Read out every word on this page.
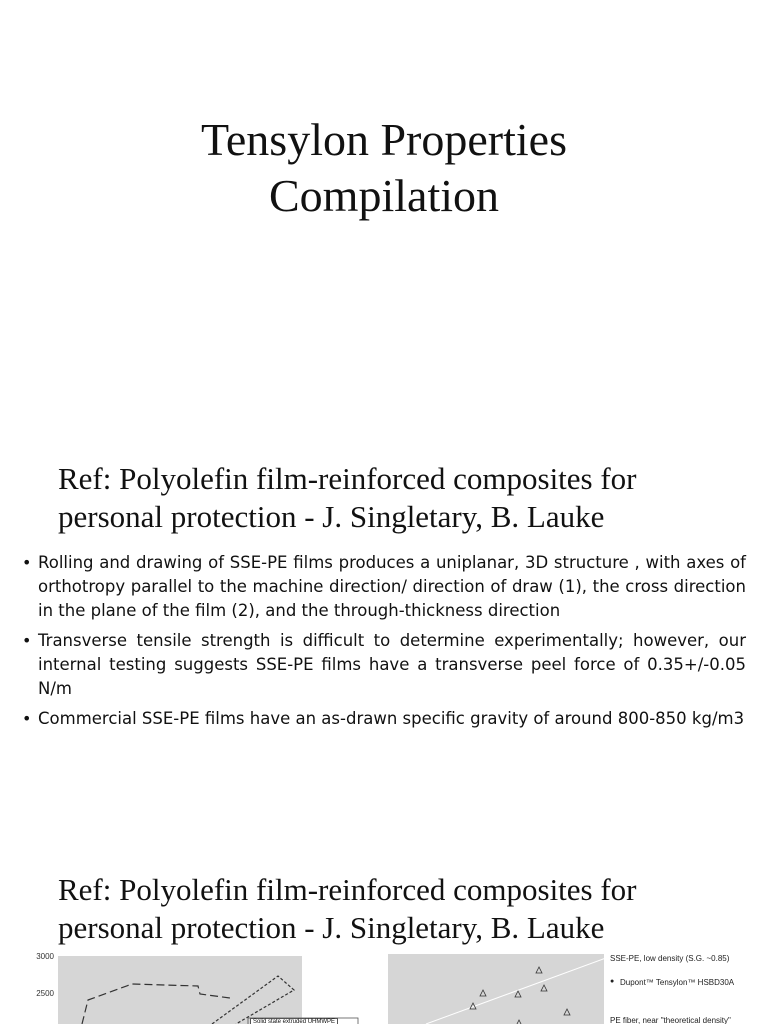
Tensylon Properties
Compilation
Ref: Polyolefin film-reinforced composites for
personal protection - J. Singletary, B. Lauke
• Rolling and drawing of SSE-PE films produces a uniplanar, 3D structure , with axes of orthotropy parallel to the machine direction/ direction of draw (1), the cross direction in the plane of the film (2), and the through-thickness direction
• Transverse tensile strength is difficult to determine experimentally; however, our internal testing suggests SSE-PE films have a transverse peel force of 0.35+/-0.05 N/m
• Commercial SSE-PE films have an as-drawn specific gravity of around 800-850 kg/m3
Ref: Polyolefin film-reinforced composites for
personal protection - J. Singletary, B. Lauke
3000
2500
Solid state extruded UHMWPE
SSE-PE, low density (S.G. ~0.85)
● Dupont™ Tensylon™ HSBD30A
PE fiber, near "theoretical density"
